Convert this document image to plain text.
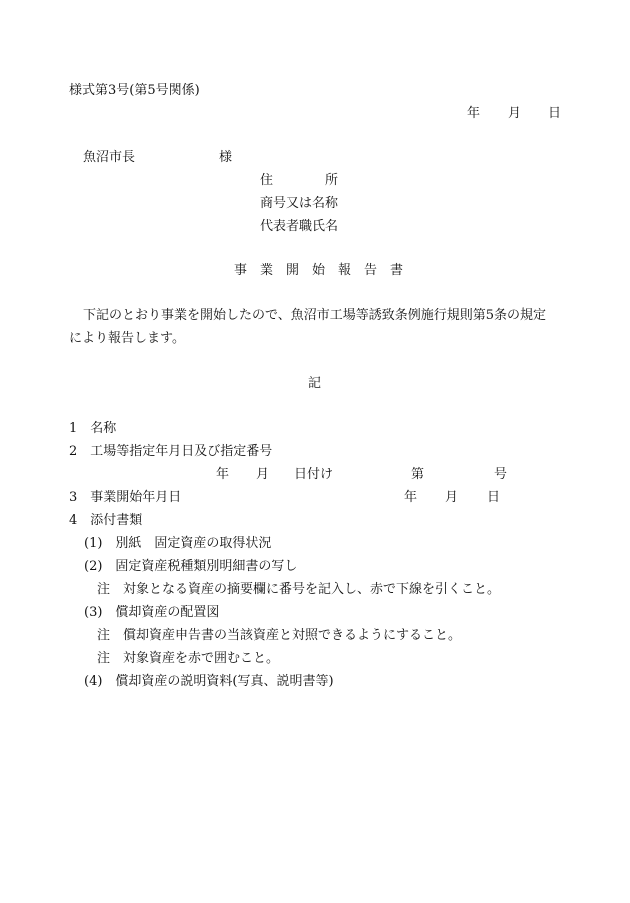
様式第3号(第5号関係)
年 月 日
魚沼市長	様
住　　　　所
商号又は名称
代表者職氏名
事　業　開　始　報　告　書
下記のとおり事業を開始したので、魚沼市工場等誘致条例施行規則第5条の規定
により報告します。
記
1　名称
2　工場等指定年月日及び指定番号
年 月 日付け	第	号
3　事業開始年月日	年 月 日
4　添付書類
(1)　別紙　固定資産の取得状況
(2)　固定資産税種類別明細書の写し
注　対象となる資産の摘要欄に番号を記入し、赤で下線を引くこと。
(3)　償却資産の配置図
注　償却資産申告書の当該資産と対照できるようにすること。
注　対象資産を赤で囲むこと。
(4)　償却資産の説明資料(写真、説明書等)
